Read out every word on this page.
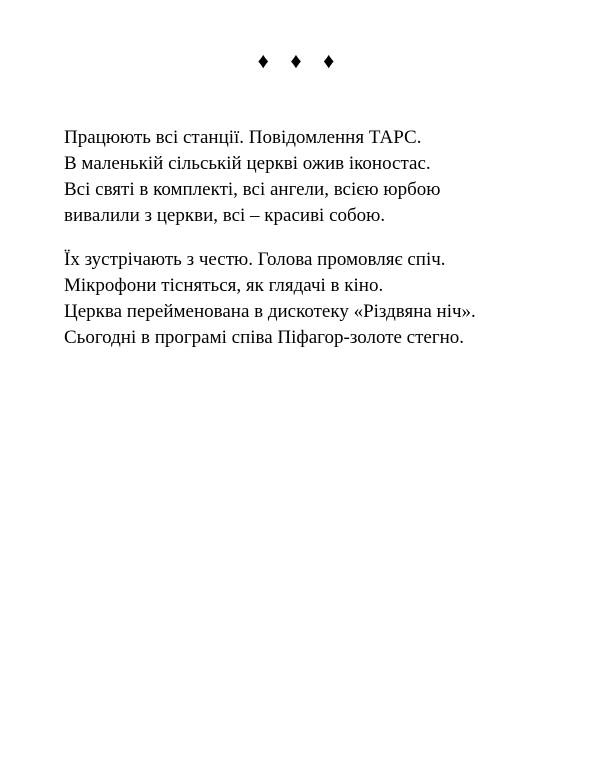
♦ ♦ ♦
Працюють всі станції. Повідомлення ТАРС.
В маленькій сільській церкві ожив іконостас.
Всі святі в комплекті, всі ангели, всією юрбою
вивалили з церкви, всі – красиві собою.
Їх зустрічають з честю. Голова промовляє спіч.
Мікрофони тісняться, як глядачі в кіно.
Церква перейменована в дискотеку «Різдвяна ніч».
Сьогодні в програмі співа Піфагор-золоте стегно.
